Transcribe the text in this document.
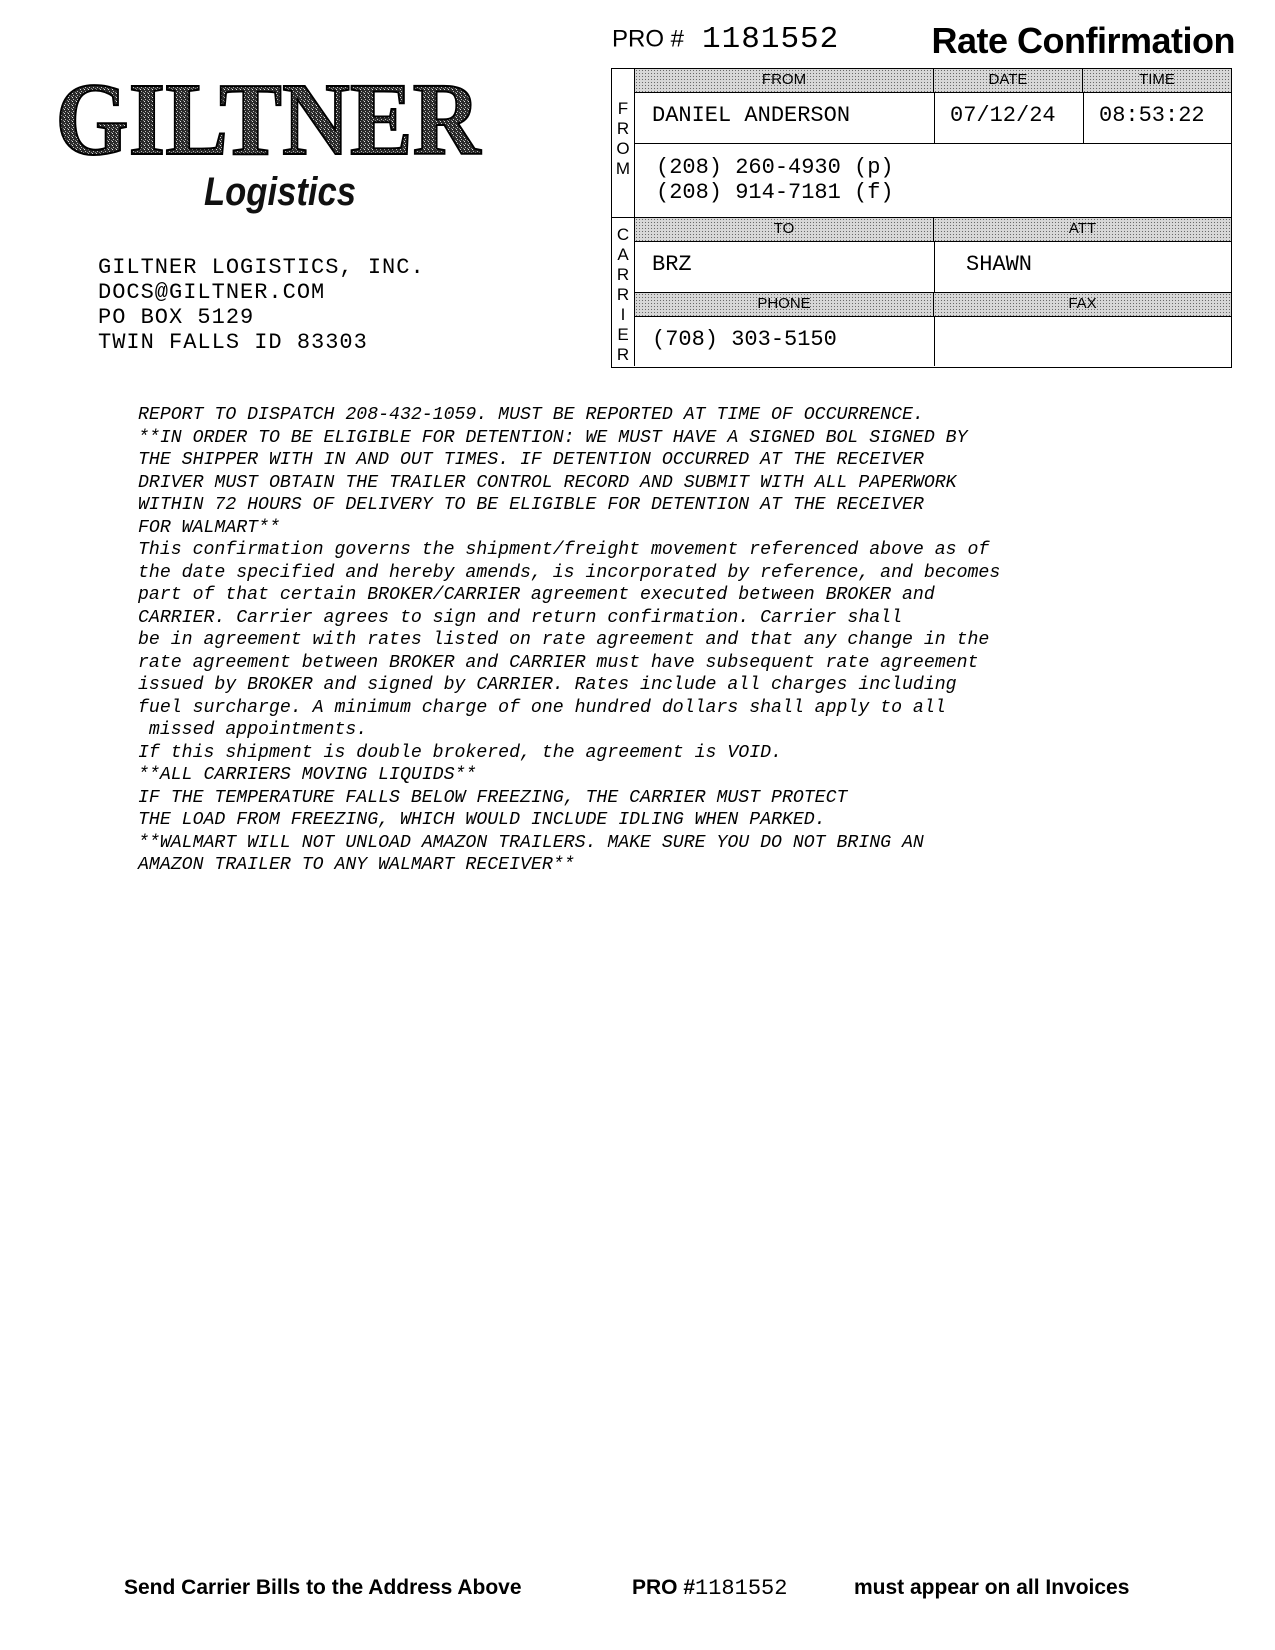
GILTNER
Logistics
GILTNER LOGISTICS, INC.
DOCS@GILTNER.COM
PO BOX 5129
TWIN FALLS ID 83303
PRO # 1181552	Rate Confirmation
F
R
O
M
FROM	DATE	TIME
DANIEL ANDERSON	07/12/24 08:53:22
(208) 260-4930 (p)
(208) 914-7181 (f)
C
A
R
R
I
E
R
TO	ATT
BRZ	SHAWN
PHONE	FAX
(708) 303-5150
REPORT TO DISPATCH 208-432-1059. MUST BE REPORTED AT TIME OF OCCURRENCE.
**IN ORDER TO BE ELIGIBLE FOR DETENTION: WE MUST HAVE A SIGNED BOL SIGNED BY
THE SHIPPER WITH IN AND OUT TIMES. IF DETENTION OCCURRED AT THE RECEIVER
DRIVER MUST OBTAIN THE TRAILER CONTROL RECORD AND SUBMIT WITH ALL PAPERWORK
WITHIN 72 HOURS OF DELIVERY TO BE ELIGIBLE FOR DETENTION AT THE RECEIVER
FOR WALMART**
This confirmation governs the shipment/freight movement referenced above as of
the date specified and hereby amends, is incorporated by reference, and becomes
part of that certain BROKER/CARRIER agreement executed between BROKER and
CARRIER. Carrier agrees to sign and return confirmation. Carrier shall
be in agreement with rates listed on rate agreement and that any change in the
rate agreement between BROKER and CARRIER must have subsequent rate agreement
issued by BROKER and signed by CARRIER. Rates include all charges including
fuel surcharge. A minimum charge of one hundred dollars shall apply to all
missed appointments.
If this shipment is double brokered, the agreement is VOID.
**ALL CARRIERS MOVING LIQUIDS**
IF THE TEMPERATURE FALLS BELOW FREEZING, THE CARRIER MUST PROTECT
THE LOAD FROM FREEZING, WHICH WOULD INCLUDE IDLING WHEN PARKED.
**WALMART WILL NOT UNLOAD AMAZON TRAILERS. MAKE SURE YOU DO NOT BRING AN
AMAZON TRAILER TO ANY WALMART RECEIVER**
Send Carrier Bills to the Address Above	PRO #1181552	must appear on all Invoices
